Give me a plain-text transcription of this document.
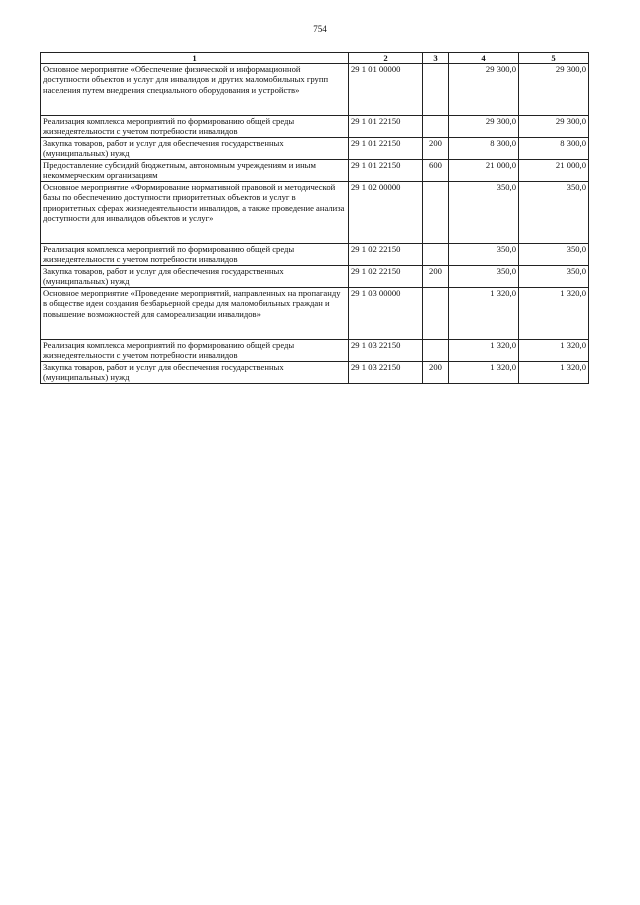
754
1	2	3	4	5
Основное мероприятие «Обеспечение физической и информационной доступности объектов и услуг для инвалидов и других маломобильных групп населения путем внедрения специального оборудования и устройств»	29 1 01 00000		29 300,0	29 300,0
Реализация комплекса мероприятий по формированию общей среды жизнедеятельности с учетом потребности инвалидов	29 1 01 22150		29 300,0	29 300,0
Закупка товаров, работ и услуг для обеспечения государственных (муниципальных) нужд	29 1 01 22150	200	8 300,0	8 300,0
Предоставление субсидий бюджетным, автономным учреждениям и иным некоммерческим организациям	29 1 01 22150	600	21 000,0	21 000,0
Основное мероприятие «Формирование нормативной правовой и методической базы по обеспечению доступности приоритетных объектов и услуг в приоритетных сферах жизнедеятельности инвалидов, а также проведение анализа доступности для инвалидов объектов и услуг»	29 1 02 00000		350,0	350,0
Реализация комплекса мероприятий по формированию общей среды жизнедеятельности с учетом потребности инвалидов	29 1 02 22150		350,0	350,0
Закупка товаров, работ и услуг для обеспечения государственных (муниципальных) нужд	29 1 02 22150	200	350,0	350,0
Основное мероприятие «Проведение мероприятий, направленных на пропаганду в обществе идеи создания безбарьерной среды для маломобильных граждан и повышение возможностей для самореализации инвалидов»	29 1 03 00000		1 320,0	1 320,0
Реализация комплекса мероприятий по формированию общей среды жизнедеятельности с учетом потребности инвалидов	29 1 03 22150		1 320,0	1 320,0
Закупка товаров, работ и услуг для обеспечения государственных (муниципальных) нужд	29 1 03 22150	200	1 320,0	1 320,0
